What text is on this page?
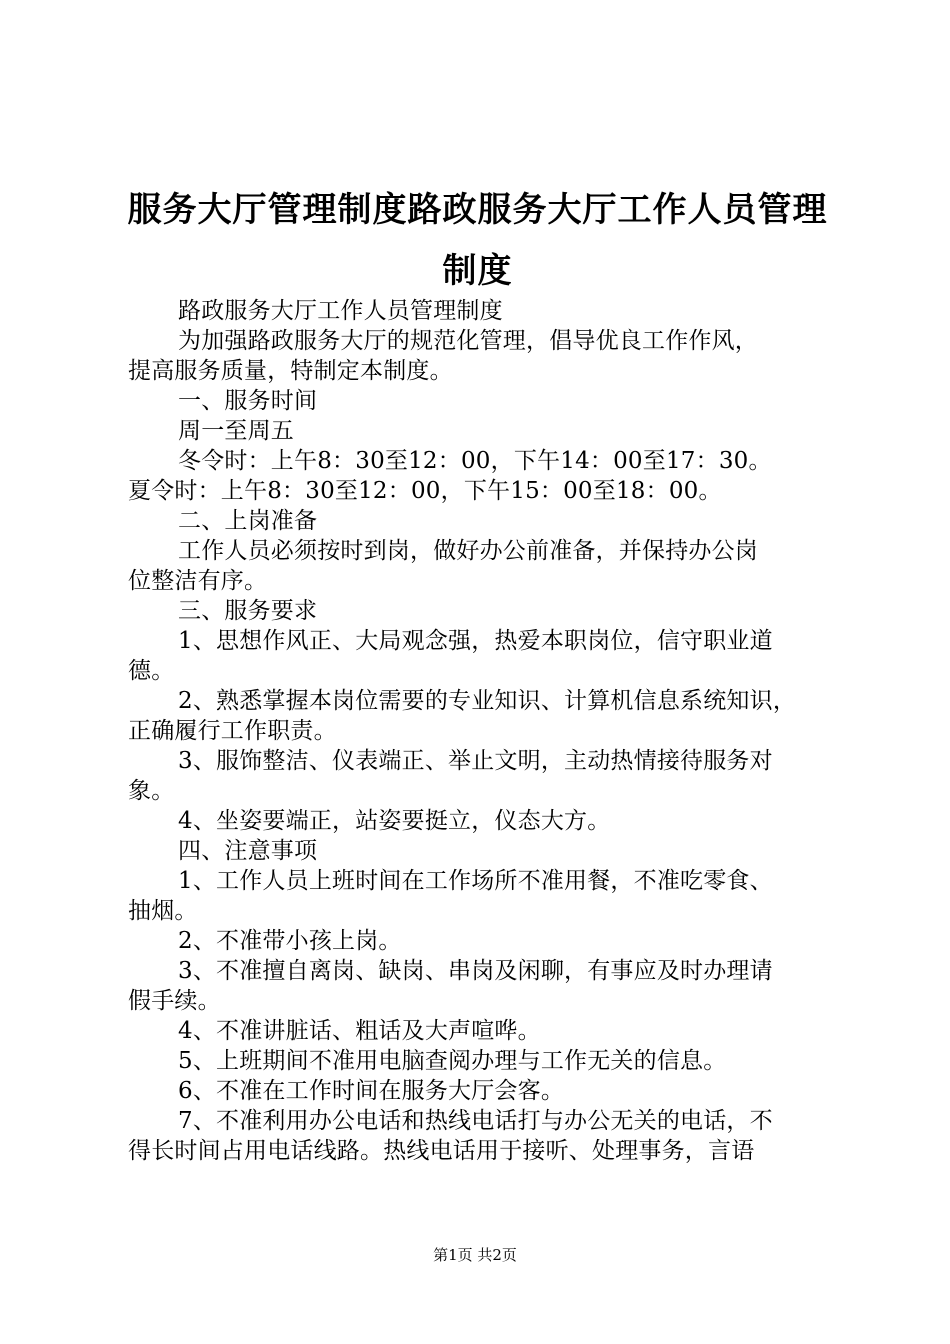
服务大厅管理制度路政服务大厅工作人员管理
制度
路政服务大厅工作人员管理制度
为加强路政服务大厅的规范化管理，倡导优良工作作风，
提高服务质量，特制定本制度。
一、服务时间
周一至周五
冬令时：上午8：30至12：00，下午14：00至17：30。
夏令时：上午8：30至12：00，下午15：00至18：00。
二、上岗准备
工作人员必须按时到岗，做好办公前准备，并保持办公岗
位整洁有序。
三、服务要求
1、思想作风正、大局观念强，热爱本职岗位，信守职业道
德。
2、熟悉掌握本岗位需要的专业知识、计算机信息系统知识，
正确履行工作职责。
3、服饰整洁、仪表端正、举止文明，主动热情接待服务对
象。
4、坐姿要端正，站姿要挺立，仪态大方。
四、注意事项
1、工作人员上班时间在工作场所不准用餐，不准吃零食、
抽烟。
2、不准带小孩上岗。
3、不准擅自离岗、缺岗、串岗及闲聊，有事应及时办理请
假手续。
4、不准讲脏话、粗话及大声喧哗。
5、上班期间不准用电脑查阅办理与工作无关的信息。
6、不准在工作时间在服务大厅会客。
7、不准利用办公电话和热线电话打与办公无关的电话，不
得长时间占用电话线路。热线电话用于接听、处理事务，言语
第1页 共2页
